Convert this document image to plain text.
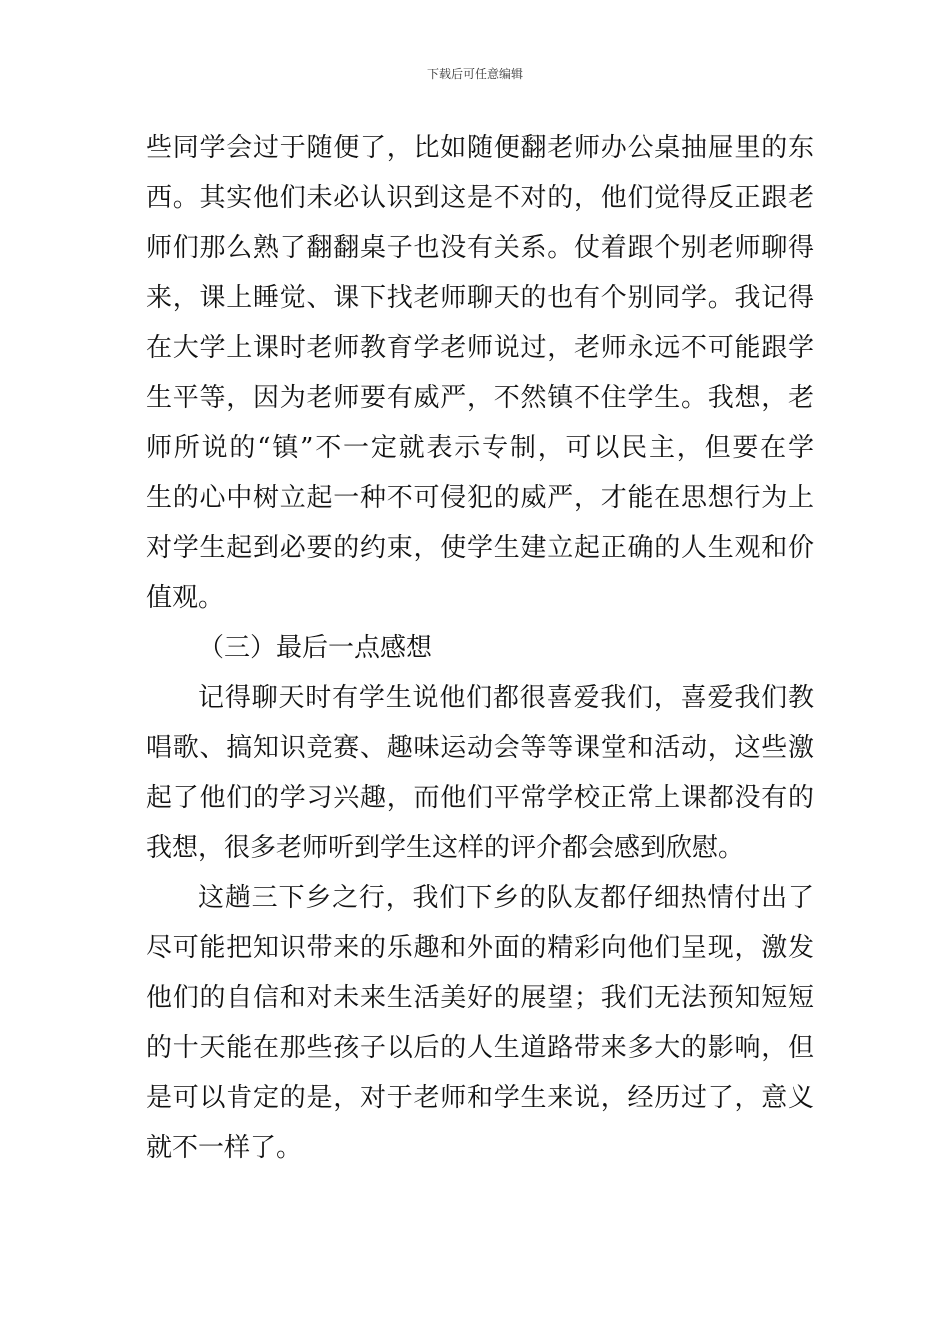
下载后可任意编辑
些同学会过于随便了，比如随便翻老师办公桌抽屉里的东
西。其实他们未必认识到这是不对的，他们觉得反正跟老
师们那么熟了翻翻桌子也没有关系。仗着跟个别老师聊得
来，课上睡觉、课下找老师聊天的也有个别同学。我记得
在大学上课时老师教育学老师说过，老师永远不可能跟学
生平等，因为老师要有威严，不然镇不住学生。我想，老
师所说的“镇”不一定就表示专制，可以民主，但要在学
生的心中树立起一种不可侵犯的威严，才能在思想行为上
对学生起到必要的约束，使学生建立起正确的人生观和价
值观。
（三）最后一点感想
记得聊天时有学生说他们都很喜爱我们，喜爱我们教
唱歌、搞知识竞赛、趣味运动会等等课堂和活动，这些激
起了他们的学习兴趣，而他们平常学校正常上课都没有的
我想，很多老师听到学生这样的评介都会感到欣慰。
这趟三下乡之行，我们下乡的队友都仔细热情付出了
尽可能把知识带来的乐趣和外面的精彩向他们呈现，激发
他们的自信和对未来生活美好的展望；我们无法预知短短
的十天能在那些孩子以后的人生道路带来多大的影响，但
是可以肯定的是，对于老师和学生来说，经历过了，意义
就不一样了。
